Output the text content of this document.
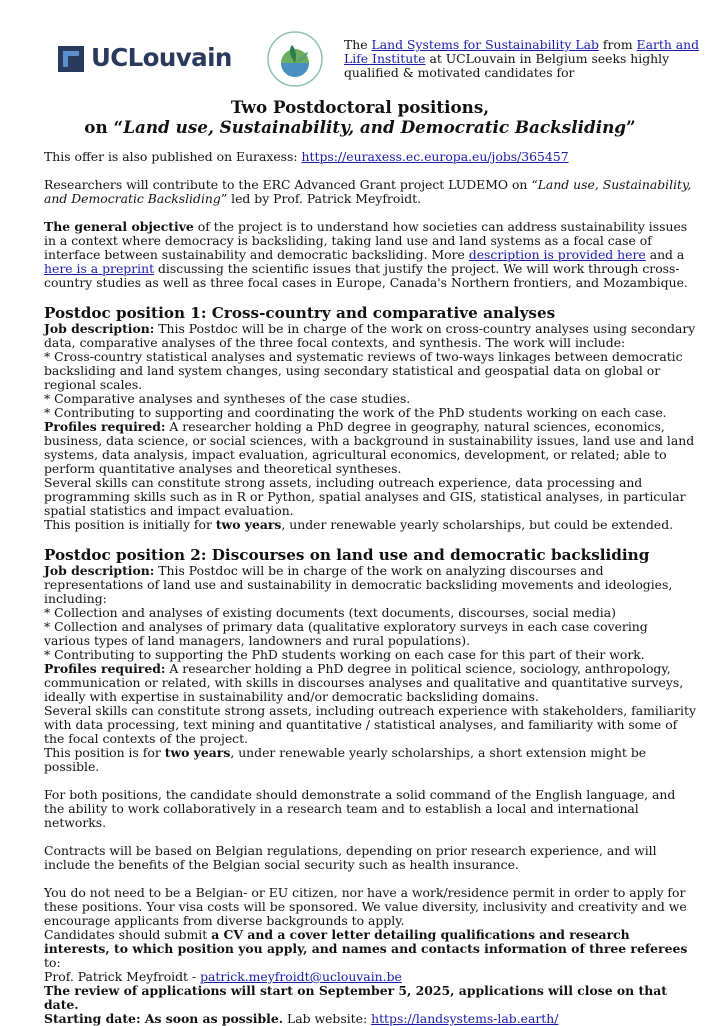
UCLouvain	The Land Systems for Sustainability Lab from Earth and Life Institute at UCLouvain in Belgium seeks highly qualified & motivated candidates for
Two Postdoctoral positions,
on “Land use, Sustainability, and Democratic Backsliding”

This offer is also published on Euraxess: https://euraxess.ec.europa.eu/jobs/365457

Researchers will contribute to the ERC Advanced Grant project LUDEMO on “Land use, Sustainability, and Democratic Backsliding” led by Prof. Patrick Meyfroidt.

The general objective of the project is to understand how societies can address sustainability issues in a context where democracy is backsliding, taking land use and land systems as a focal case of interface between sustainability and democratic backsliding. More description is provided here and a here is a preprint discussing the scientific issues that justify the project. We will work through cross-country studies as well as three focal cases in Europe, Canada's Northern frontiers, and Mozambique.

Postdoc position 1: Cross-country and comparative analyses

Job description: This Postdoc will be in charge of the work on cross-country analyses using secondary data, comparative analyses of the three focal contexts, and synthesis. The work will include:

* Cross-country statistical analyses and systematic reviews of two-ways linkages between democratic backsliding and land system changes, using secondary statistical and geospatial data on global or regional scales.

* Comparative analyses and syntheses of the case studies.

* Contributing to supporting and coordinating the work of the PhD students working on each case.

Profiles required: A researcher holding a PhD degree in geography, natural sciences, economics, business, data science, or social sciences, with a background in sustainability issues, land use and land systems, data analysis, impact evaluation, agricultural economics, development, or related; able to perform quantitative analyses and theoretical syntheses.

Several skills can constitute strong assets, including outreach experience, data processing and programming skills such as in R or Python, spatial analyses and GIS, statistical analyses, in particular spatial statistics and impact evaluation.

This position is initially for two years, under renewable yearly scholarships, but could be extended.

Postdoc position 2: Discourses on land use and democratic backsliding

Job description: This Postdoc will be in charge of the work on analyzing discourses and representations of land use and sustainability in democratic backsliding movements and ideologies, including:

* Collection and analyses of existing documents (text documents, discourses, social media)

* Collection and analyses of primary data (qualitative exploratory surveys in each case covering various types of land managers, landowners and rural populations).

* Contributing to supporting the PhD students working on each case for this part of their work.

Profiles required: A researcher holding a PhD degree in political science, sociology, anthropology, communication or related, with skills in discourses analyses and qualitative and quantitative surveys, ideally with expertise in sustainability and/or democratic backsliding domains.

Several skills can constitute strong assets, including outreach experience with stakeholders, familiarity with data processing, text mining and quantitative / statistical analyses, and familiarity with some of the focal contexts of the project.

This position is for two years, under renewable yearly scholarships, a short extension might be possible.

For both positions, the candidate should demonstrate a solid command of the English language, and the ability to work collaboratively in a research team and to establish a local and international networks.

Contracts will be based on Belgian regulations, depending on prior research experience, and will include the benefits of the Belgian social security such as health insurance.

You do not need to be a Belgian- or EU citizen, nor have a work/residence permit in order to apply for these positions. Your visa costs will be sponsored. We value diversity, inclusivity and creativity and we encourage applicants from diverse backgrounds to apply.

Candidates should submit a CV and a cover letter detailing qualifications and research interests, to which position you apply, and names and contacts information of three referees to:

Prof. Patrick Meyfroidt - patrick.meyfroidt@uclouvain.be

The review of applications will start on September 5, 2025, applications will close on that date.

Starting date: As soon as possible. Lab website: https://landsystems-lab.earth/
